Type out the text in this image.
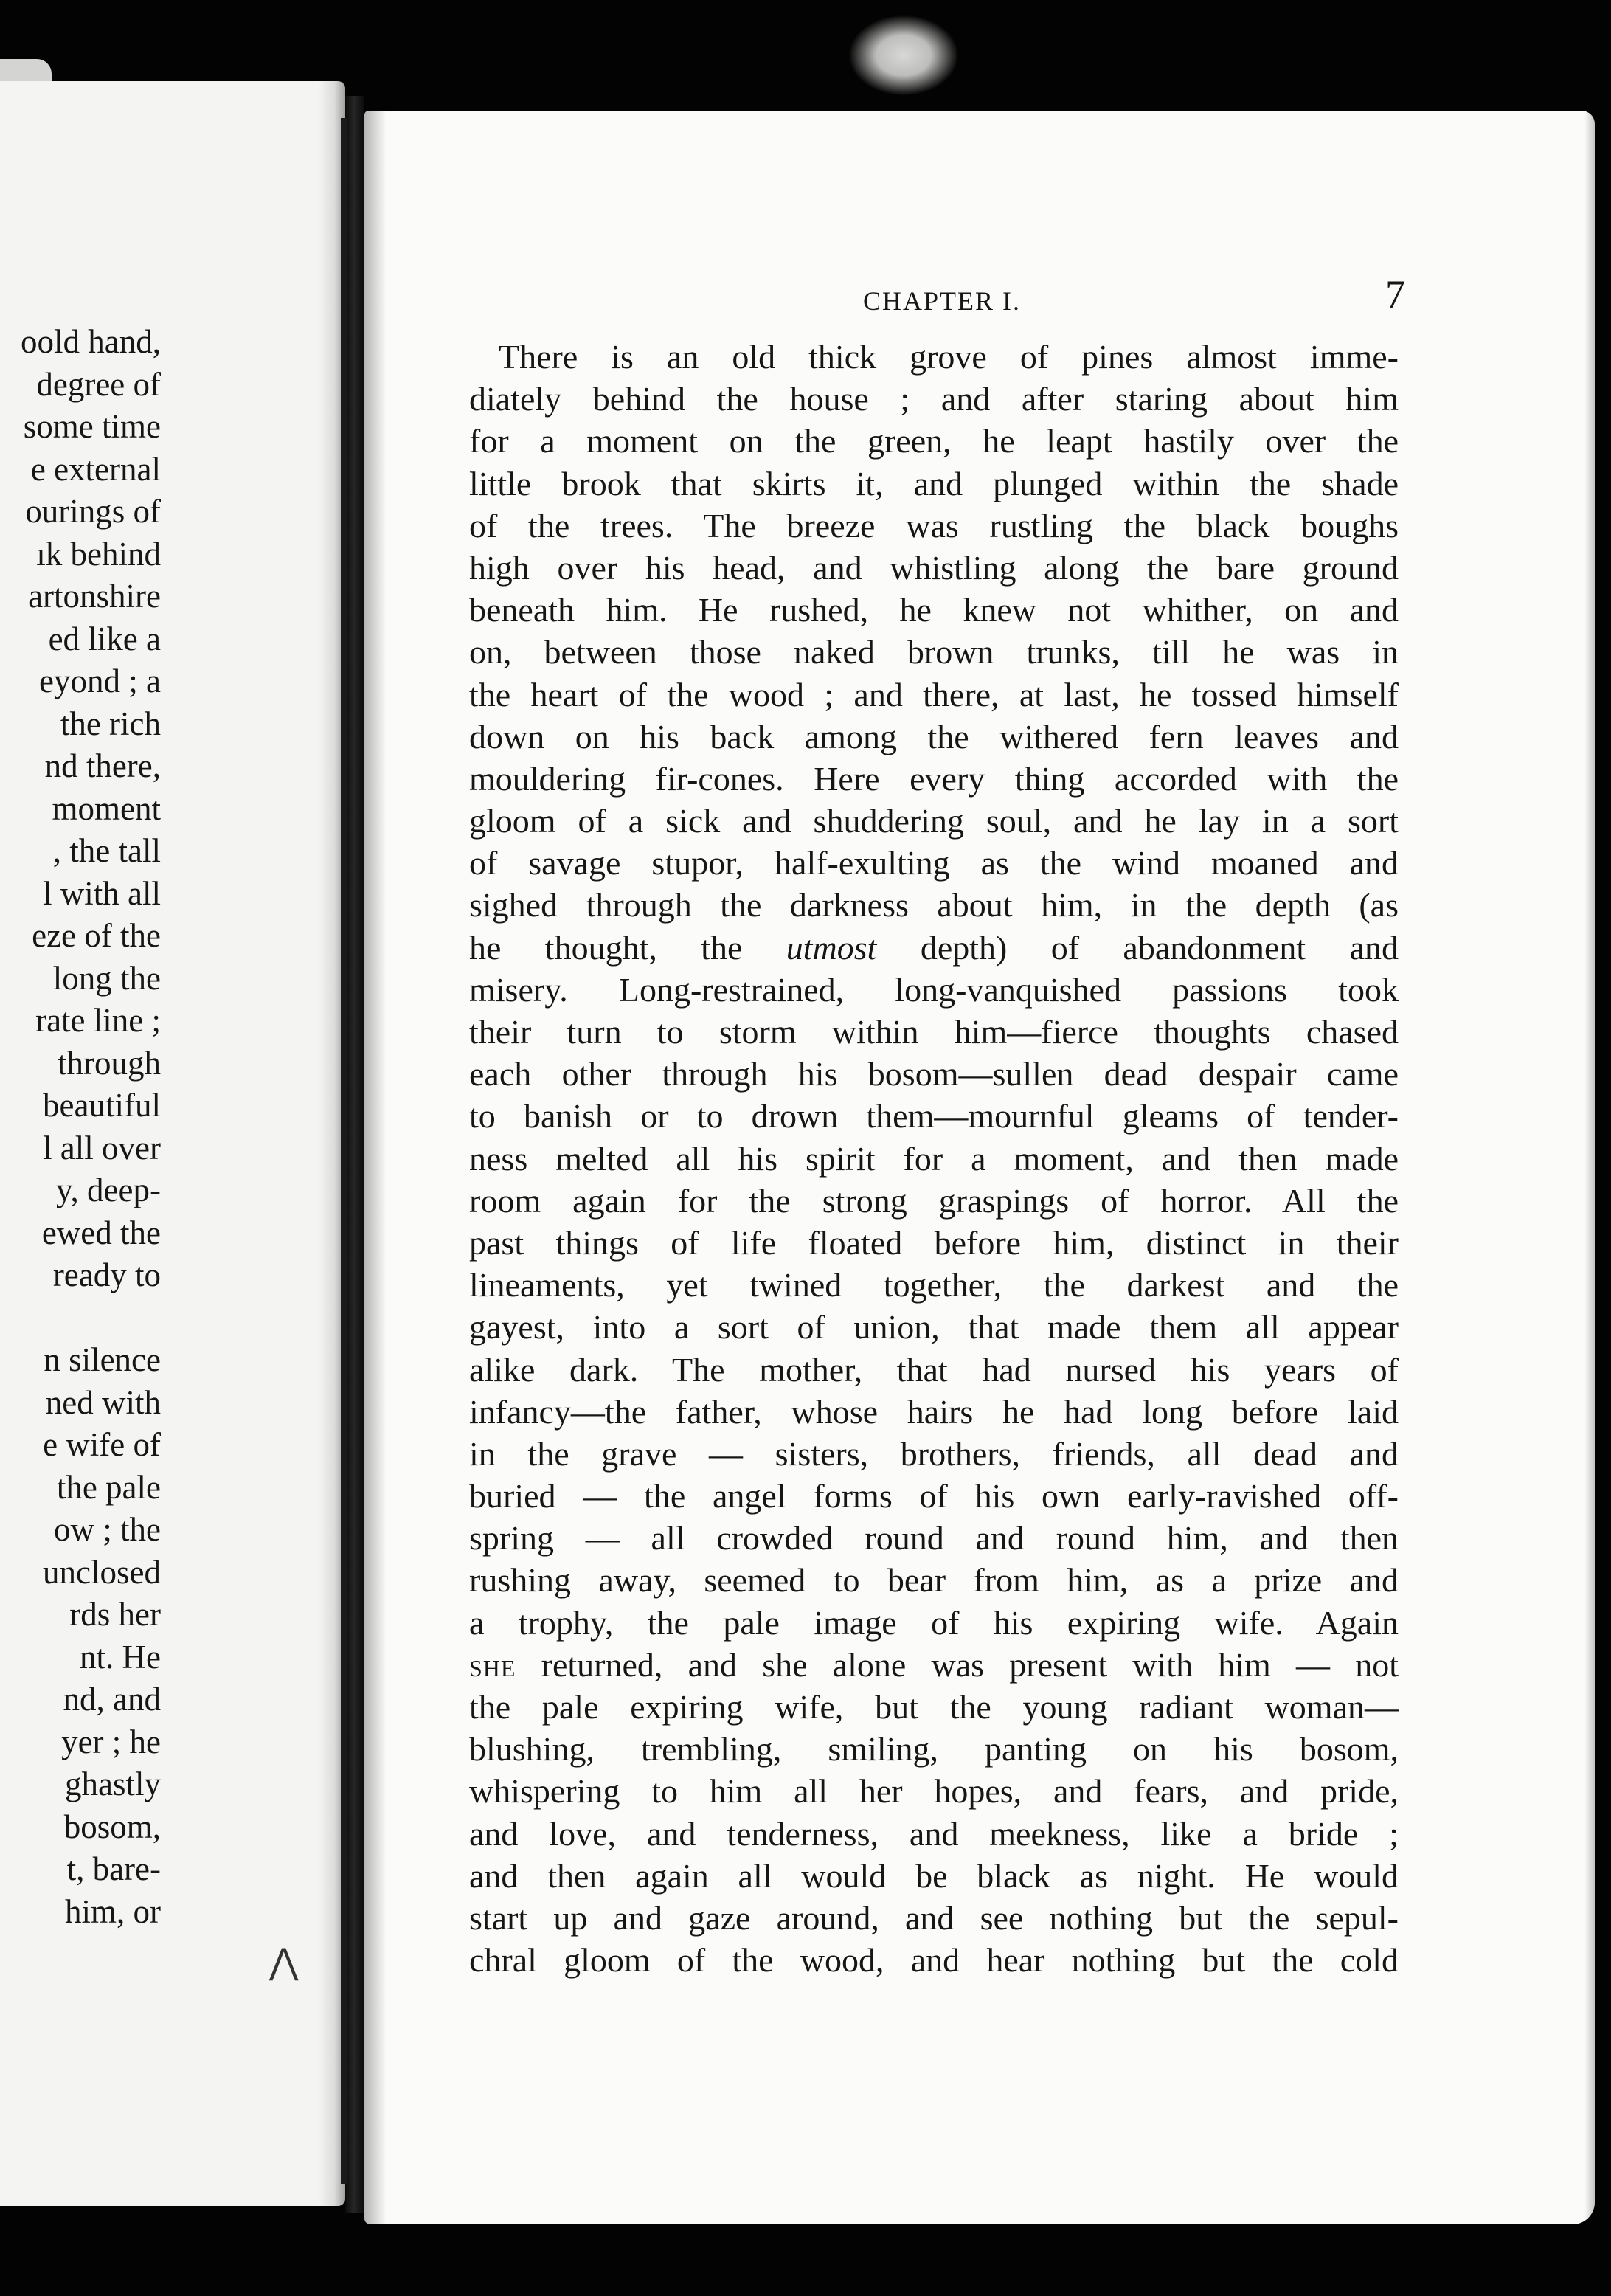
oold hand,
degree of
some time
e external
ourings of
ık behind
artonshire
ed like a
eyond ; a
the rich
nd there,
moment
, the tall
l with all
eze of the
long the
rate line ;
through
beautiful
l all over
y, deep-
ewed the
ready to
n silence
ned with
e wife of
the pale
ow ; the
unclosed
rds her
nt. He
nd, and
yer ; he
ghastly
bosom,
t, bare-
him, or
CHAPTER I.	7
There is an old thick grove of pines almost imme-
diately behind the house ; and after staring about him
for a moment on the green, he leapt hastily over the
little brook that skirts it, and plunged within the shade
of the trees. The breeze was rustling the black boughs
high over his head, and whistling along the bare ground
beneath him. He rushed, he knew not whither, on and
on, between those naked brown trunks, till he was in
the heart of the wood ; and there, at last, he tossed himself
down on his back among the withered fern leaves and
mouldering fir-cones. Here every thing accorded with the
gloom of a sick and shuddering soul, and he lay in a sort
of savage stupor, half-exulting as the wind moaned and
sighed through the darkness about him, in the depth (as
he thought, the utmost depth) of abandonment and
misery. Long-restrained, long-vanquished passions took
their turn to storm within him—fierce thoughts chased
each other through his bosom—sullen dead despair came
to banish or to drown them—mournful gleams of tender-
ness melted all his spirit for a moment, and then made
room again for the strong graspings of horror. All the
past things of life floated before him, distinct in their
lineaments, yet twined together, the darkest and the
gayest, into a sort of union, that made them all appear
alike dark. The mother, that had nursed his years of
infancy—the father, whose hairs he had long before laid
in the grave — sisters, brothers, friends, all dead and
buried — the angel forms of his own early-ravished off-
spring — all crowded round and round him, and then
rushing away, seemed to bear from him, as a prize and
a trophy, the pale image of his expiring wife. Again
she returned, and she alone was present with him — not
the pale expiring wife, but the young radiant woman—
blushing, trembling, smiling, panting on his bosom,
whispering to him all her hopes, and fears, and pride,
and love, and tenderness, and meekness, like a bride ;
and then again all would be black as night. He would
start up and gaze around, and see nothing but the sepul-
chral gloom of the wood, and hear nothing but the cold
⋀
